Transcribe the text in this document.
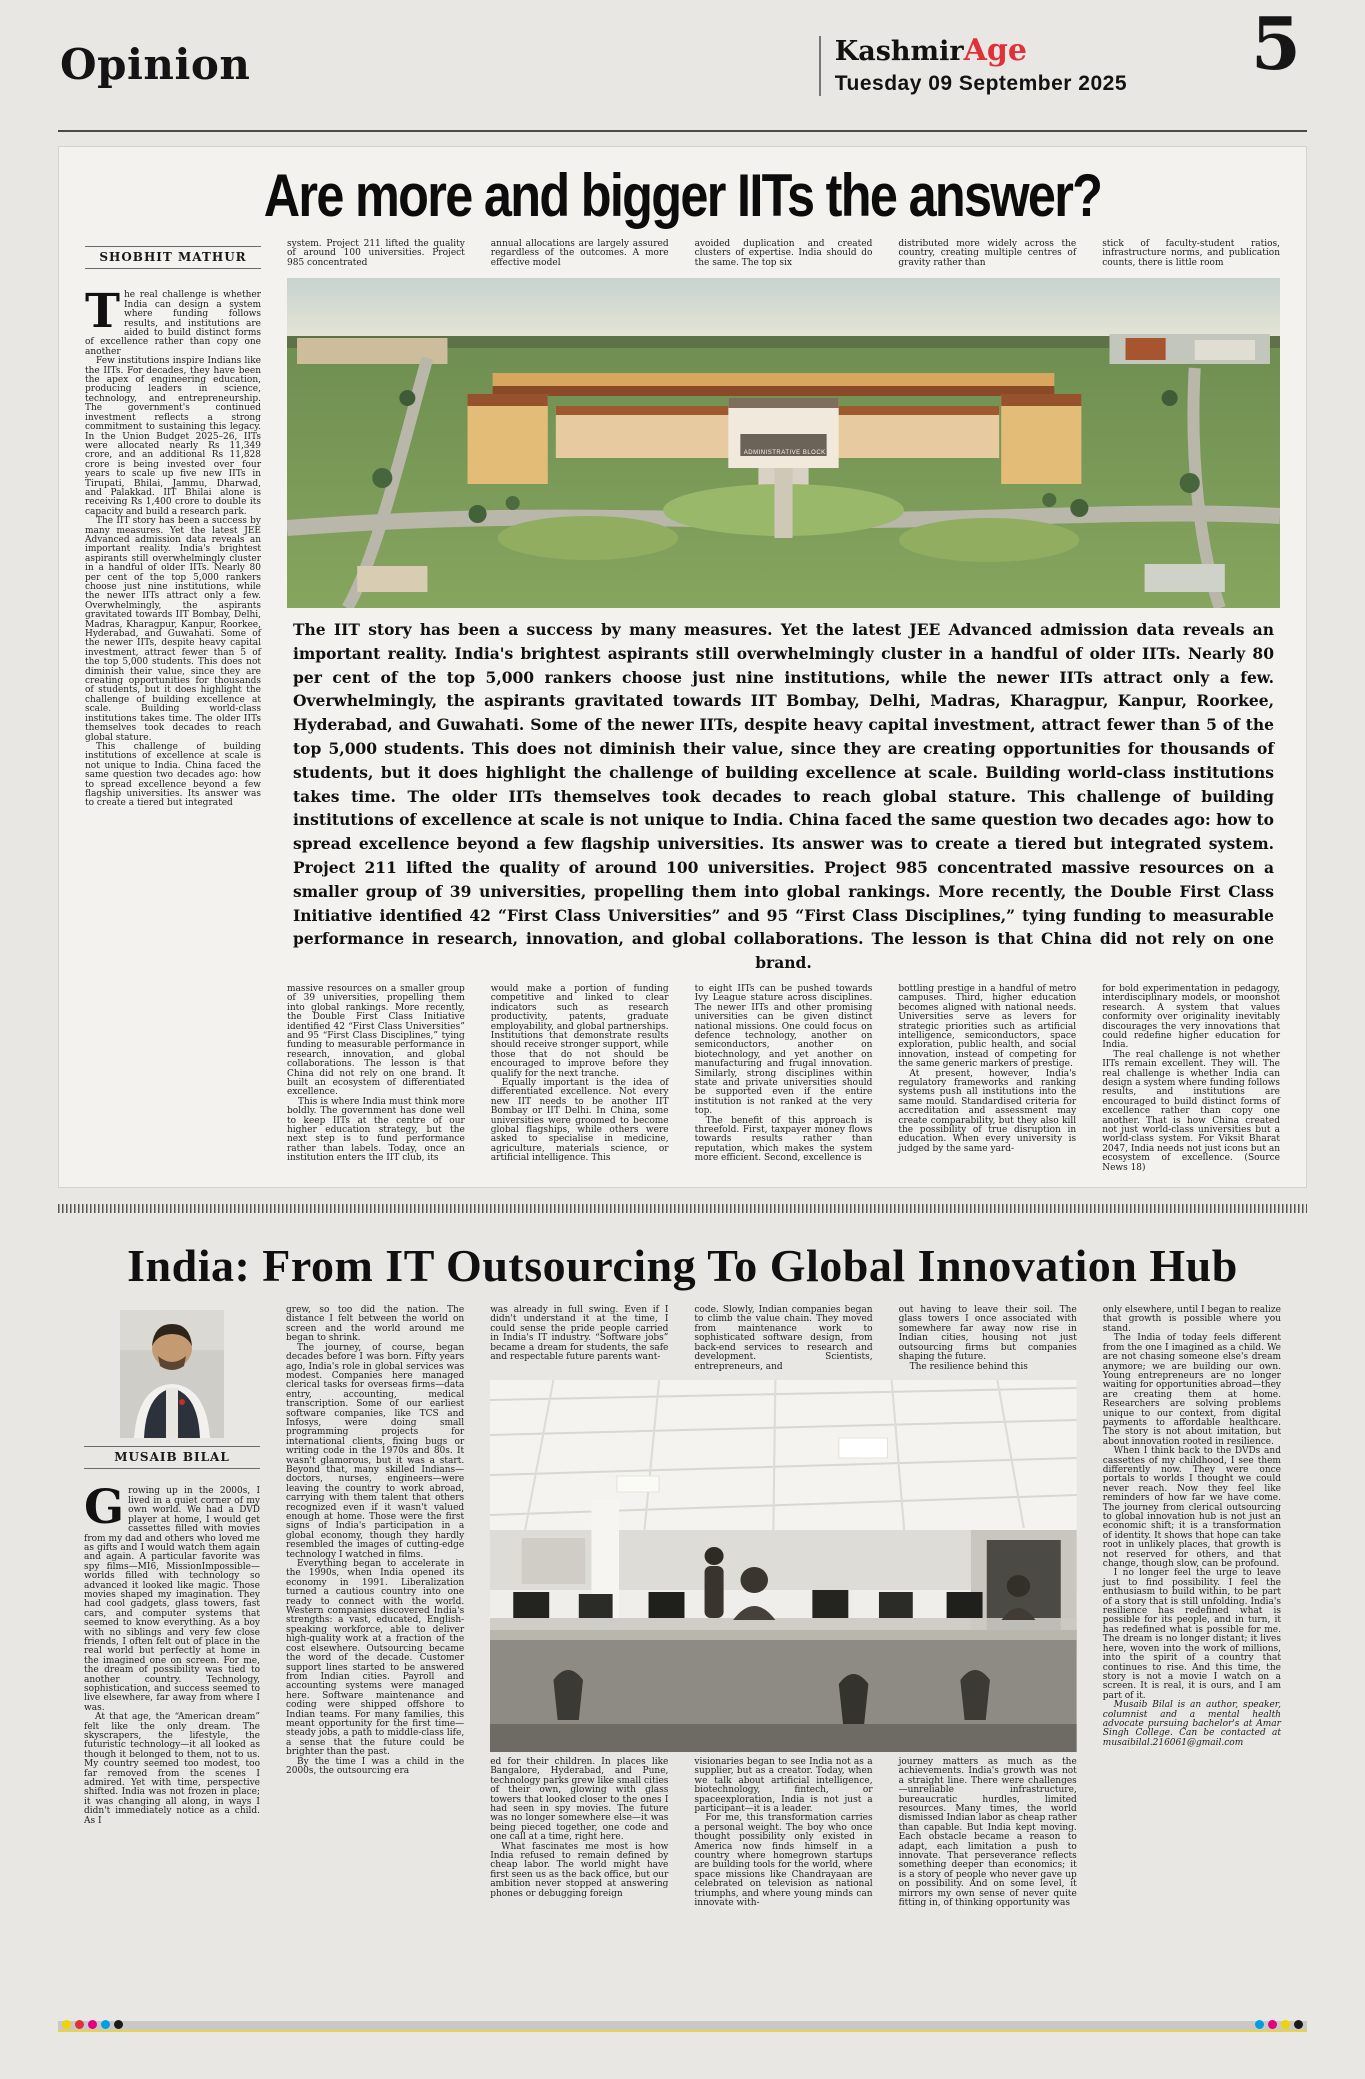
Opinion	KashmirAge
Tuesday 09 September 2025 5
Are more and bigger IITs the answer?
SHOBHIT MATHUR

The real challenge is whether India can design a system where funding follows results, and institutions are aided to build distinct forms of excellence rather than copy one another

Few institutions inspire Indians like the IITs. For decades, they have been the apex of engineering education, producing leaders in science, technology, and entrepreneurship. The government's continued investment reflects a strong commitment to sustaining this legacy. In the Union Budget 2025–26, IITs were allocated nearly Rs 11,349 crore, and an additional Rs 11,828 crore is being invested over four years to scale up five new IITs in Tirupati, Bhilai, Jammu, Dharwad, and Palakkad. IIT Bhilai alone is receiving Rs 1,400 crore to double its capacity and build a research park.

The IIT story has been a success by many measures. Yet the latest JEE Advanced admission data reveals an important reality. India's brightest aspirants still overwhelmingly cluster in a handful of older IITs. Nearly 80 per cent of the top 5,000 rankers choose just nine institutions, while the newer IITs attract only a few. Overwhelmingly, the aspirants gravitated towards IIT Bombay, Delhi, Madras, Kharagpur, Kanpur, Roorkee, Hyderabad, and Guwahati. Some of the newer IITs, despite heavy capital investment, attract fewer than 5 of the top 5,000 students. This does not diminish their value, since they are creating opportunities for thousands of students, but it does highlight the challenge of building excellence at scale. Building world-class institutions takes time. The older IITs themselves took decades to reach global stature.

This challenge of building institutions of excellence at scale is not unique to India. China faced the same question two decades ago: how to spread excellence beyond a few flagship universities. Its answer was to create a tiered but integrated

system. Project 211 lifted the quality of around 100 universities. Project 985 concentrated

annual allocations are largely assured regardless of the outcomes. A more effective model

avoided duplication and created clusters of expertise. India should do the same. The top six

distributed more widely across the country, creating multiple centres of gravity rather than

stick of faculty-student ratios, infrastructure norms, and publication counts, there is little room

ADMINISTRATIVE BLOCK
The IIT story has been a success by many measures. Yet the latest JEE Advanced admission data reveals an important reality. India's brightest aspirants still overwhelmingly cluster in a handful of older IITs. Nearly 80 per cent of the top 5,000 rankers choose just nine institutions, while the newer IITs attract only a few. Overwhelmingly, the aspirants gravitated towards IIT Bombay, Delhi, Madras, Kharagpur, Kanpur, Roorkee, Hyderabad, and Guwahati. Some of the newer IITs, despite heavy capital investment, attract fewer than 5 of the top 5,000 students. This does not diminish their value, since they are creating opportunities for thousands of students, but it does highlight the challenge of building excellence at scale. Building world-class institutions takes time. The older IITs themselves took decades to reach global stature. This challenge of building institutions of excellence at scale is not unique to India. China faced the same question two decades ago: how to spread excellence beyond a few flagship universities. Its answer was to create a tiered but integrated system. Project 211 lifted the quality of around 100 universities. Project 985 concentrated massive resources on a smaller group of 39 universities, propelling them into global rankings. More recently, the Double First Class Initiative identified 42 “First Class Universities” and 95 “First Class Disciplines,” tying funding to measurable performance in research, innovation, and global collaborations. The lesson is that China did not rely on one brand.

massive resources on a smaller group of 39 universities, propelling them into global rankings. More recently, the Double First Class Initiative identified 42 “First Class Universities” and 95 “First Class Disciplines,” tying funding to measurable performance in research, innovation, and global collaborations. The lesson is that China did not rely on one brand. It built an ecosystem of differentiated excellence.

This is where India must think more boldly. The government has done well to keep IITs at the centre of our higher education strategy, but the next step is to fund performance rather than labels. Today, once an institution enters the IIT club, its

would make a portion of funding competitive and linked to clear indicators such as research productivity, patents, graduate employability, and global partnerships. Institutions that demonstrate results should receive stronger support, while those that do not should be encouraged to improve before they qualify for the next tranche.

Equally important is the idea of differentiated excellence. Not every new IIT needs to be another IIT Bombay or IIT Delhi. In China, some universities were groomed to become global flagships, while others were asked to specialise in medicine, agriculture, materials science, or artificial intelligence. This

to eight IITs can be pushed towards Ivy League stature across disciplines. The newer IITs and other promising universities can be given distinct national missions. One could focus on defence technology, another on semiconductors, another on biotechnology, and yet another on manufacturing and frugal innovation. Similarly, strong disciplines within state and private universities should be supported even if the entire institution is not ranked at the very top.

The benefit of this approach is threefold. First, taxpayer money flows towards results rather than reputation, which makes the system more efficient. Second, excellence is

bottling prestige in a handful of metro campuses. Third, higher education becomes aligned with national needs. Universities serve as levers for strategic priorities such as artificial intelligence, semiconductors, space exploration, public health, and social innovation, instead of competing for the same generic markers of prestige.

At present, however, India's regulatory frameworks and ranking systems push all institutions into the same mould. Standardised criteria for accreditation and assessment may create comparability, but they also kill the possibility of true disruption in education. When every university is judged by the same yard-

for bold experimentation in pedagogy, interdisciplinary models, or moonshot research. A system that values conformity over originality inevitably discourages the very innovations that could redefine higher education for India.

The real challenge is not whether IITs remain excellent. They will. The real challenge is whether India can design a system where funding follows results, and institutions are encouraged to build distinct forms of excellence rather than copy one another. That is how China created not just world-class universities but a world-class system. For Viksit Bharat 2047, India needs not just icons but an ecosystem of excellence. (Source News 18)

India: From IT Outsourcing To Global Innovation Hub
MUSAIB BILAL

Growing up in the 2000s, I lived in a quiet corner of my own world. We had a DVD player at home, I would get cassettes filled with movies from my dad and others who loved me as gifts and I would watch them again and again. A particular favorite was spy films—MI6, MissionImpossible—worlds filled with technology so advanced it looked like magic. Those movies shaped my imagination. They had cool gadgets, glass towers, fast cars, and computer systems that seemed to know everything. As a boy with no siblings and very few close friends, I often felt out of place in the real world but perfectly at home in the imagined one on screen. For me, the dream of possibility was tied to another country. Technology, sophistication, and success seemed to live elsewhere, far away from where I was.

At that age, the “American dream” felt like the only dream. The skyscrapers, the lifestyle, the futuristic technology—it all looked as though it belonged to them, not to us. My country seemed too modest, too far removed from the scenes I admired. Yet with time, perspective shifted. India was not frozen in place; it was changing all along, in ways I didn't immediately notice as a child. As I

grew, so too did the nation. The distance I felt between the world on screen and the world around me began to shrink.

The journey, of course, began decades before I was born. Fifty years ago, India's role in global services was modest. Companies here managed clerical tasks for overseas firms—data entry, accounting, medical transcription. Some of our earliest software companies, like TCS and Infosys, were doing small programming projects for international clients, fixing bugs or writing code in the 1970s and 80s. It wasn't glamorous, but it was a start. Beyond that, many skilled Indians—doctors, nurses, engineers—were leaving the country to work abroad, carrying with them talent that others recognized even if it wasn't valued enough at home. Those were the first signs of India's participation in a global economy, though they hardly resembled the images of cutting-edge technology I watched in films.

Everything began to accelerate in the 1990s, when India opened its economy in 1991. Liberalization turned a cautious country into one ready to connect with the world. Western companies discovered India's strengths: a vast, educated, English-speaking workforce, able to deliver high-quality work at a fraction of the cost elsewhere. Outsourcing became the word of the decade. Customer support lines started to be answered from Indian cities. Payroll and accounting systems were managed here. Software maintenance and coding were shipped offshore to Indian teams. For many families, this meant opportunity for the first time—steady jobs, a path to middle-class life, a sense that the future could be brighter than the past.

By the time I was a child in the 2000s, the outsourcing era

was already in full swing. Even if I didn't understand it at the time, I could sense the pride people carried in India's IT industry. “Software jobs” became a dream for students, the safe and respectable future parents want-

code. Slowly, Indian companies began to climb the value chain. They moved from maintenance work to sophisticated software design, from back-end services to research and development. Scientists, entrepreneurs, and

out having to leave their soil. The glass towers I once associated with somewhere far away now rise in Indian cities, housing not just outsourcing firms but companies shaping the future.

The resilience behind this

ed for their children. In places like Bangalore, Hyderabad, and Pune, technology parks grew like small cities of their own, glowing with glass towers that looked closer to the ones I had seen in spy movies. The future was no longer somewhere else—it was being pieced together, one code and one call at a time, right here.

What fascinates me most is how India refused to remain defined by cheap labor. The world might have first seen us as the back office, but our ambition never stopped at answering phones or debugging foreign

visionaries began to see India not as a supplier, but as a creator. Today, when we talk about artificial intelligence, biotechnology, fintech, or spaceexploration, India is not just a participant—it is a leader.

For me, this transformation carries a personal weight. The boy who once thought possibility only existed in America now finds himself in a country where homegrown startups are building tools for the world, where space missions like Chandrayaan are celebrated on television as national triumphs, and where young minds can innovate with-

journey matters as much as the achievements. India's growth was not a straight line. There were challenges—unreliable infrastructure, bureaucratic hurdles, limited resources. Many times, the world dismissed Indian labor as cheap rather than capable. But India kept moving. Each obstacle became a reason to adapt, each limitation a push to innovate. That perseverance reflects something deeper than economics; it is a story of people who never gave up on possibility. And on some level, it mirrors my own sense of never quite fitting in, of thinking opportunity was

only elsewhere, until I began to realize that growth is possible where you stand.

The India of today feels different from the one I imagined as a child. We are not chasing someone else's dream anymore; we are building our own. Young entrepreneurs are no longer waiting for opportunities abroad—they are creating them at home. Researchers are solving problems unique to our context, from digital payments to affordable healthcare. The story is not about imitation, but about innovation rooted in resilience.

When I think back to the DVDs and cassettes of my childhood, I see them differently now. They were once portals to worlds I thought we could never reach. Now they feel like reminders of how far we have come. The journey from clerical outsourcing to global innovation hub is not just an economic shift; it is a transformation of identity. It shows that hope can take root in unlikely places, that growth is not reserved for others, and that change, though slow, can be profound.

I no longer feel the urge to leave just to find possibility. I feel the enthusiasm to build within, to be part of a story that is still unfolding. India's resilience has redefined what is possible for its people, and in turn, it has redefined what is possible for me. The dream is no longer distant; it lives here, woven into the work of millions, into the spirit of a country that continues to rise. And this time, the story is not a movie I watch on a screen. It is real, it is ours, and I am part of it.

Musaib Bilal is an author, speaker, columnist and a mental health advocate pursuing bachelor's at Amar Singh College. Can be contacted at musaibilal.216061@gmail.com
